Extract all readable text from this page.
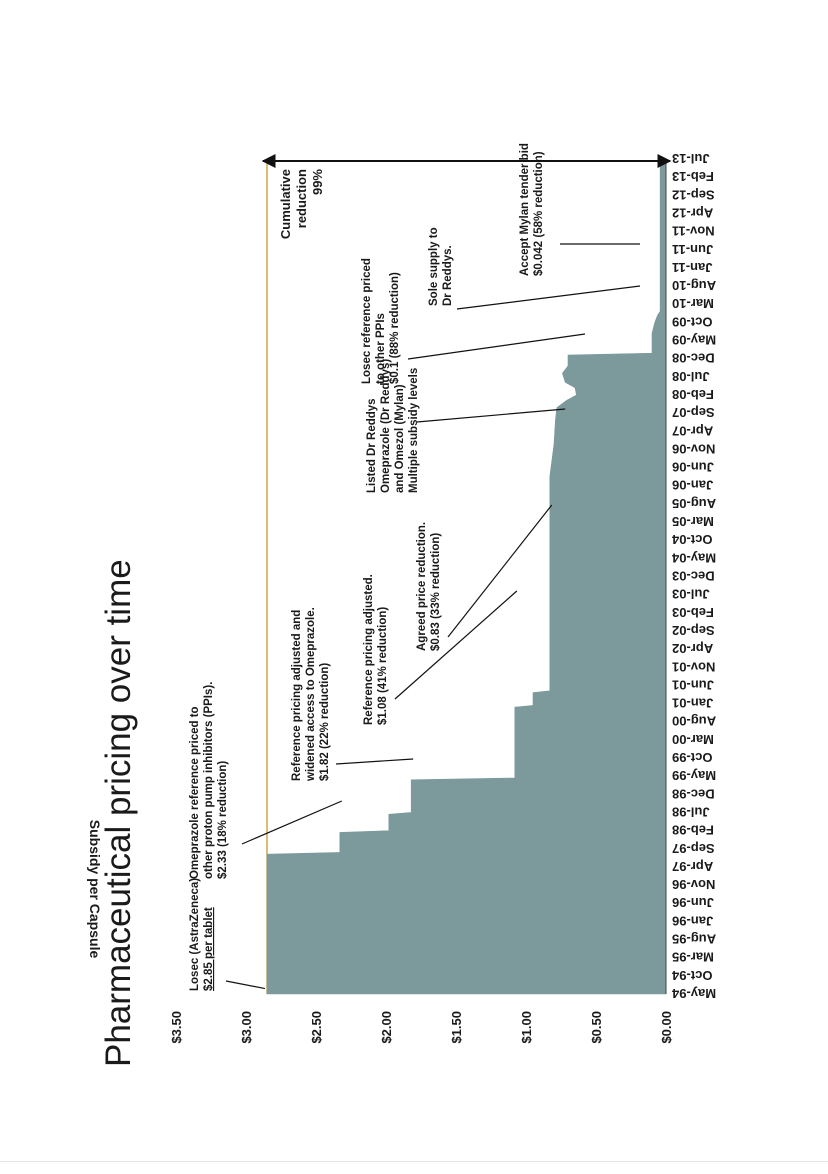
Pharmaceutical pricing over time
Subsidy per Capsule
$0.00
$0.50
$1.00
$1.50
$2.00
$2.50
$3.00
$3.50
May-94
Oct-94
Mar-95
Aug-95
Jan-96
Jun-96
Nov-96
Apr-97
Sep-97
Feb-98
Jul-98
Dec-98
May-99
Oct-99
Mar-00
Aug-00
Jan-01
Jun-01
Nov-01
Apr-02
Sep-02
Feb-03
Jul-03
Dec-03
May-04
Oct-04
Mar-05
Aug-05
Jan-06
Jun-06
Nov-06
Apr-07
Sep-07
Feb-08
Jul-08
Dec-08
May-09
Oct-09
Mar-10
Aug-10
Jan-11
Jun-11
Nov-11
Apr-12
Sep-12
Feb-13
Jul-13
Losec (AstraZeneca) $2.85 per tablet
Omeprazole reference priced to other proton pump inhibitors (PPIs). $2.33 (18% reduction)
Reference pricing adjusted and widened access to Omeprazole. $1.82 (22% reduction)	Reference pricing adjusted. $1.08 (41% reduction)
Agreed price reduction. $0.83 (33% reduction)
Listed Dr Reddys Omeprazole (Dr Reddys) and Omezol (Mylan) Multiple subsidy levels
Losec reference priced to other PPIs $0.1 (88% reduction)
Sole supply to Dr Reddys.	Accept Mylan tender bid $0.042 (58% reduction)
Cumulativereduction99%
